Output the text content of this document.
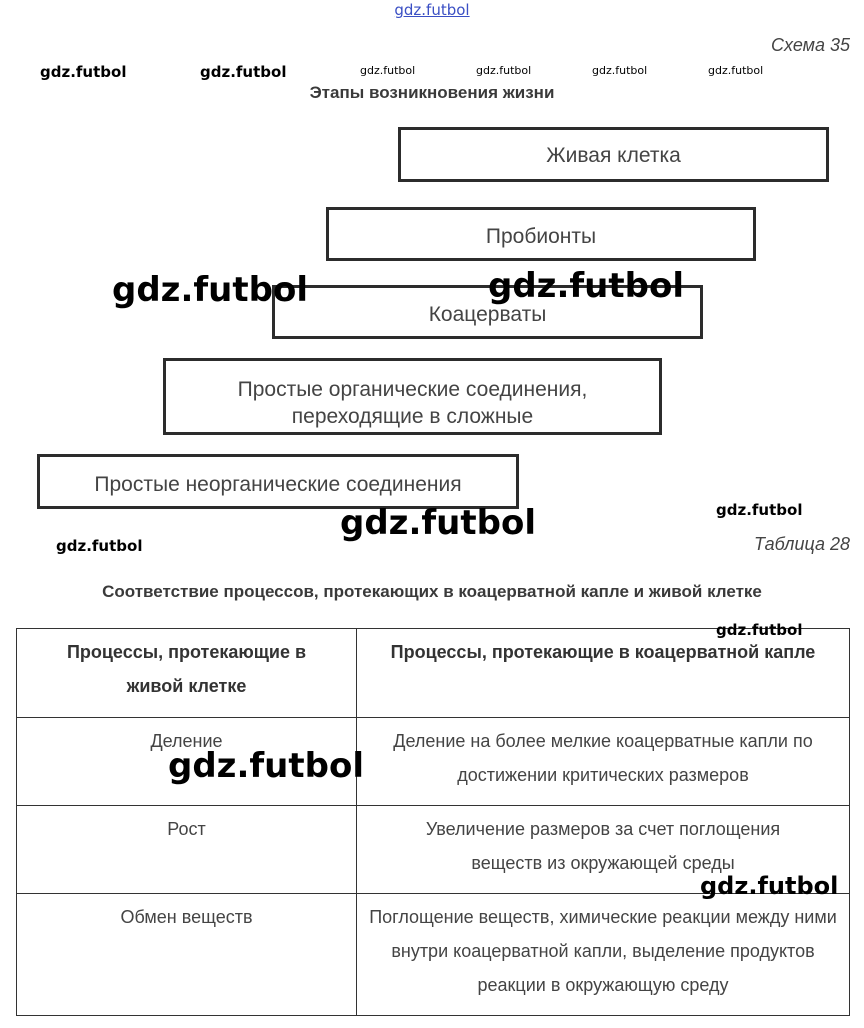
gdz.futbol
Схема 35
gdz.futbol	gdz.futbol	gdz.futbol	gdz.futbol	gdz.futbol	gdz.futbol
Этапы возникновения жизни
Живая клетка
Пробионты
Коацерваты
Простые органические соединения,
переходящие в сложные
Простые неорганические соединения
gdz.futbol	gdz.futbol
gdz.futbol	gdz.futbol
gdz.futbol	Таблица 28
Соответствие процессов, протекающих в коацерватной капле и живой клетке
Процессы, протекающие в живой клетке	Процессы, протекающие в коацерватной капле
Деление	Деление на более мелкие коацерватные капли по достижении критических размеров
Рост	Увеличение размеров за счет поглощения веществ из окружающей среды
Обмен веществ	Поглощение веществ, химические реакции между ними внутри коацерватной капли, выделение продуктов реакции в окружающую среду
gdz.futbol
gdz.futbol
gdz.futbol
